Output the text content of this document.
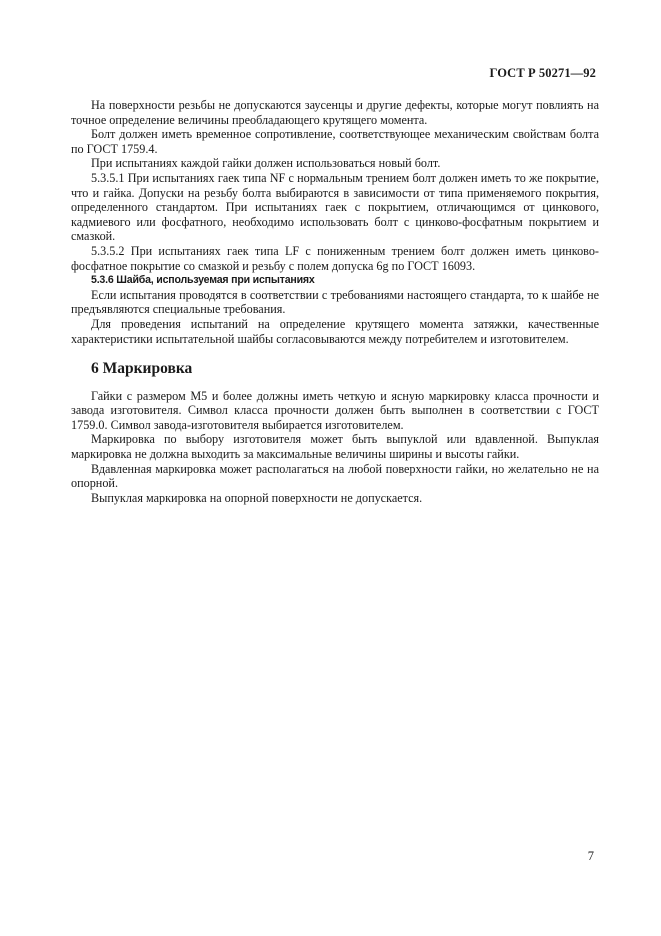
ГОСТ Р 50271—92

На поверхности резьбы не допускаются заусенцы и другие дефекты, которые могут повлиять на точное определение величины преобладающего крутящего момента.

Болт должен иметь временное сопротивление, соответствующее механическим свойствам болта по ГОСТ 1759.4.

При испытаниях каждой гайки должен использоваться новый болт.

5.3.5.1 При испытаниях гаек типа NF с нормальным трением болт должен иметь то же покрытие, что и гайка. Допуски на резьбу болта выбираются в зависимости от типа применяемого покрытия, определенного стандартом. При испытаниях гаек с покрытием, отличающимся от цинкового, кадмиевого или фосфатного, необходимо использовать болт с цинково-фосфатным покрытием и смазкой.

5.3.5.2 При испытаниях гаек типа LF с пониженным трением болт должен иметь цинково-фосфатное покрытие со смазкой и резьбу с полем допуска 6g по ГОСТ 16093.

5.3.6 Шайба, используемая при испытаниях

Если испытания проводятся в соответствии с требованиями настоящего стандарта, то к шайбе не предъявляются специальные требования.

Для проведения испытаний на определение крутящего момента затяжки, качественные характеристики испытательной шайбы согласовываются между потребителем и изготовителем.

6 Маркировка

Гайки с размером М5 и более должны иметь четкую и ясную маркировку класса прочности и завода изготовителя. Символ класса прочности должен быть выполнен в соответствии с ГОСТ 1759.0. Символ завода-изготовителя выбирается изготовителем.

Маркировка по выбору изготовителя может быть выпуклой или вдавленной. Выпуклая маркировка не должна выходить за максимальные величины ширины и высоты гайки.

Вдавленная маркировка может располагаться на любой поверхности гайки, но желательно не на опорной.

Выпуклая маркировка на опорной поверхности не допускается.

7
